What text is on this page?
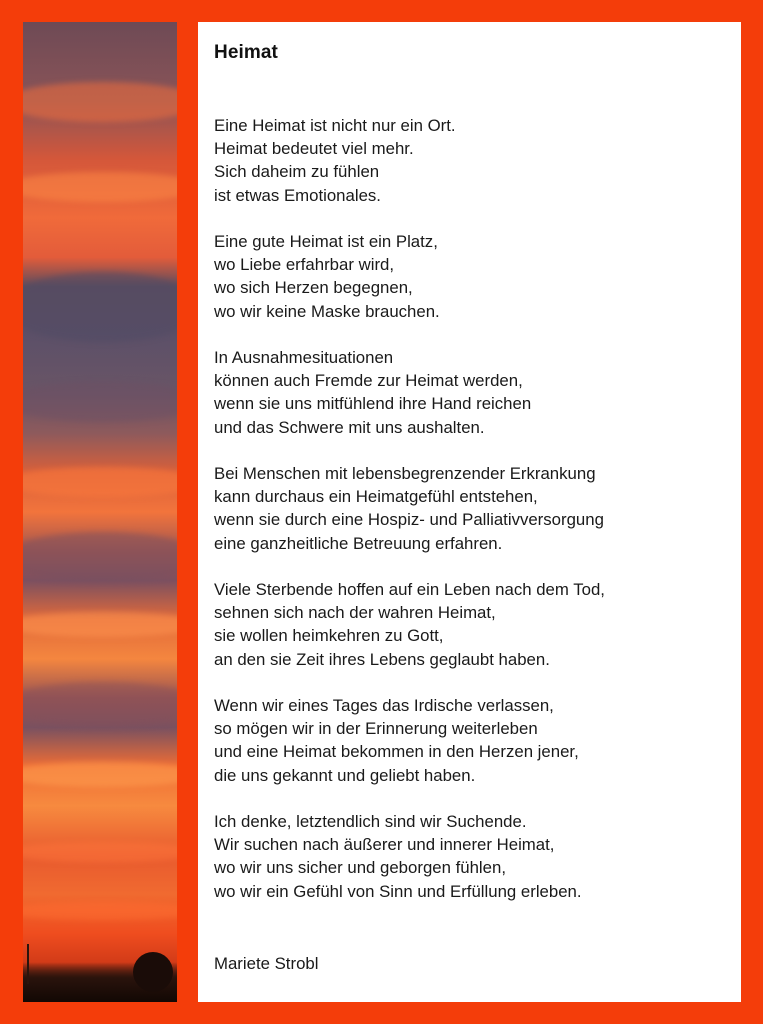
Heimat

Eine Heimat ist nicht nur ein Ort.
Heimat bedeutet viel mehr.
Sich daheim zu fühlen
ist etwas Emotionales.

Eine gute Heimat ist ein Platz,
wo Liebe erfahrbar wird,
wo sich Herzen begegnen,
wo wir keine Maske brauchen.

In Ausnahmesituationen
können auch Fremde zur Heimat werden,
wenn sie uns mitfühlend ihre Hand reichen
und das Schwere mit uns aushalten.

Bei Menschen mit lebensbegrenzender Erkrankung
kann durchaus ein Heimatgefühl entstehen,
wenn sie durch eine Hospiz- und Palliativversorgung
eine ganzheitliche Betreuung erfahren.

Viele Sterbende hoffen auf ein Leben nach dem Tod,
sehnen sich nach der wahren Heimat,
sie wollen heimkehren zu Gott,
an den sie Zeit ihres Lebens geglaubt haben.

Wenn wir eines Tages das Irdische verlassen,
so mögen wir in der Erinnerung weiterleben
und eine Heimat bekommen in den Herzen jener,
die uns gekannt und geliebt haben.

Ich denke, letztendlich sind wir Suchende.
Wir suchen nach äußerer und innerer Heimat,
wo wir uns sicher und geborgen fühlen,
wo wir ein Gefühl von Sinn und Erfüllung erleben.

Mariete Strobl
